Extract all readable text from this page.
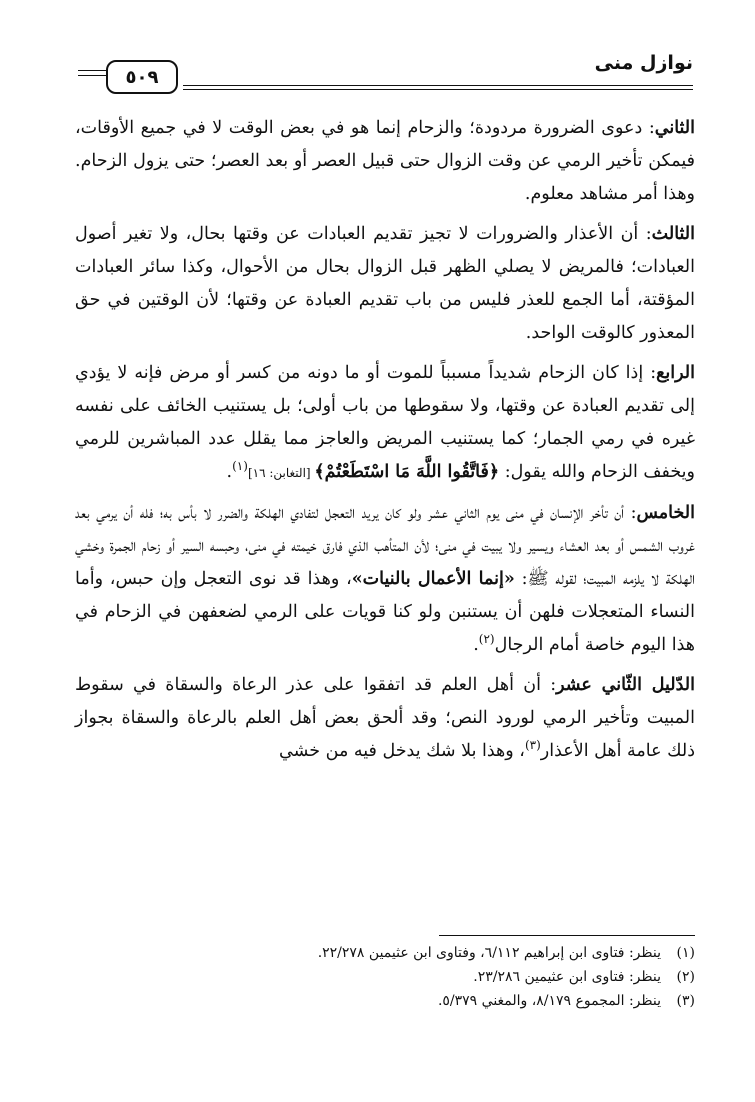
نوازل منى
٥٠٩

الثاني: دعوى الضرورة مردودة؛ والزحام إنما هو في بعض الوقت لا في جميع الأوقات، فيمكن تأخير الرمي عن وقت الزوال حتى قبيل العصر أو بعد العصر؛ حتى يزول الزحام. وهذا أمر مشاهد معلوم.

الثالث: أن الأعذار والضرورات لا تجيز تقديم العبادات عن وقتها بحال، ولا تغير أصول العبادات؛ فالمريض لا يصلي الظهر قبل الزوال بحال من الأحوال، وكذا سائر العبادات المؤقتة، أما الجمع للعذر فليس من باب تقديم العبادة عن وقتها؛ لأن الوقتين في حق المعذور كالوقت الواحد.

الرابع: إذا كان الزحام شديداً مسبباً للموت أو ما دونه من كسر أو مرض فإنه لا يؤدي إلى تقديم العبادة عن وقتها، ولا سقوطها من باب أولى؛ بل يستنيب الخائف على نفسه غيره في رمي الجمار؛ كما يستنيب المريض والعاجز مما يقلل عدد المباشرين للرمي ويخفف الزحام والله يقول: ﴿فَاتَّقُوا اللَّهَ مَا اسْتَطَعْتُمْ﴾ [التغابن: ١٦]$^{(١)}$.

الخامس: أن تأخر الإنسان في منى يوم الثاني عشر ولو كان يريد التعجل لتفادي الهلكة والضرر لا بأس به؛ فله أن يرمي بعد غروب الشمس أو بعد العشاء ويسير ولا يبيت في منى؛ لأن المتأهب الذي فارق خيمته في منى، وحبسه السير أو زحام الجمرة وخشي الهلكة لا يلزمه المبيت؛ لقوله ﷺ: «إنما الأعمال بالنيات»، وهذا قد نوى التعجل وإن حبس، وأما النساء المتعجلات فلهن أن يستنبن ولو كنا قويات على الرمي لضعفهن في الزحام في هذا اليوم خاصة أمام الرجال$^{(٢)}$.

الدّليل الثّاني عشر: أن أهل العلم قد اتفقوا على عذر الرعاة والسقاة في سقوط المبيت وتأخير الرمي لورود النص؛ وقد ألحق بعض أهل العلم بالرعاة والسقاة بجواز ذلك عامة أهل الأعذار$^{(٣)}$، وهذا بلا شك يدخل فيه من خشي

(١)
ينظر: فتاوى ابن إبراهيم ٦/١١٢، وفتاوى ابن عثيمين ٢٢/٢٧٨.
(٢)
ينظر: فتاوى ابن عثيمين ٢٣/٢٨٦.
(٣)
ينظر: المجموع ٨/١٧٩، والمغني ٥/٣٧٩.
